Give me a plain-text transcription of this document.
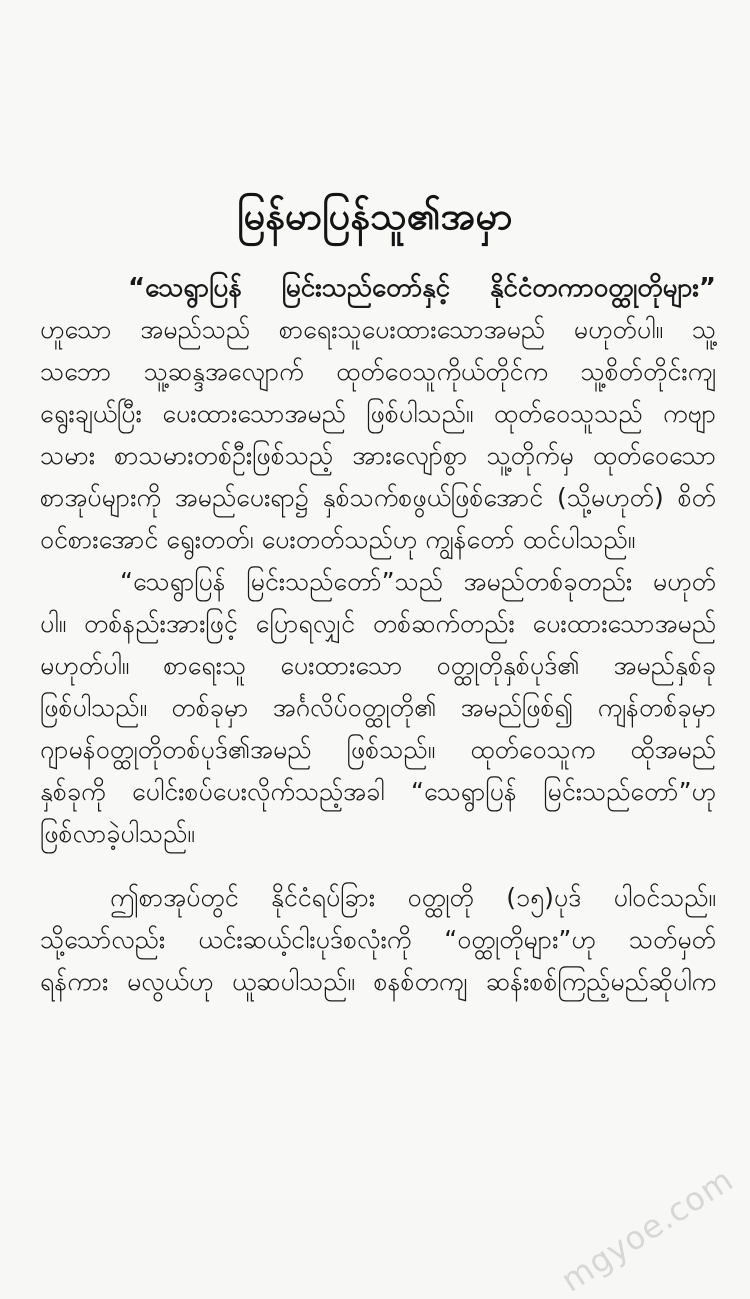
မြန်မာပြန်သူ၏အမှာ
“သေရွာပြန် မြင်းသည်တော်နှင့် နိုင်ငံတကာဝတ္ထုတိုများ”
ဟူသော အမည်သည် စာရေးသူပေးထားသောအမည် မဟုတ်ပါ။ သူ့
သဘော သူ့ဆန္ဒအလျောက် ထုတ်ဝေသူကိုယ်တိုင်က သူ့စိတ်တိုင်းကျ
ရွေးချယ်ပြီး ပေးထားသောအမည် ဖြစ်ပါသည်။ ထုတ်ဝေသူသည် ကဗျာ
သမား စာသမားတစ်ဦးဖြစ်သည့် အားလျော်စွာ သူ့တိုက်မှ ထုတ်ဝေသော
စာအုပ်များကို အမည်ပေးရာ၌ နှစ်သက်စဖွယ်ဖြစ်အောင် (သို့မဟုတ်) စိတ်
ဝင်စားအောင် ရွေးတတ်၊ ပေးတတ်သည်ဟု ကျွန်တော် ထင်ပါသည်။
“သေရွာပြန် မြင်းသည်တော်”သည် အမည်တစ်ခုတည်း မဟုတ်
ပါ။ တစ်နည်းအားဖြင့် ပြောရလျှင် တစ်ဆက်တည်း ပေးထားသောအမည်
မဟုတ်ပါ။ စာရေးသူ ပေးထားသော ဝတ္ထုတိုနှစ်ပုဒ်၏ အမည်နှစ်ခု
ဖြစ်ပါသည်။ တစ်ခုမှာ အင်္ဂလိပ်ဝတ္ထုတို၏ အမည်ဖြစ်၍ ကျန်တစ်ခုမှာ
ဂျာမန်ဝတ္ထုတိုတစ်ပုဒ်၏အမည် ဖြစ်သည်။ ထုတ်ဝေသူက ထိုအမည်
နှစ်ခုကို ပေါင်းစပ်ပေးလိုက်သည့်အခါ “သေရွာပြန် မြင်းသည်တော်”ဟု
ဖြစ်လာခဲ့ပါသည်။
ဤစာအုပ်တွင် နိုင်ငံရပ်ခြား ဝတ္ထုတို (၁၅)ပုဒ် ပါဝင်သည်။
သို့သော်လည်း ယင်းဆယ့်ငါးပုဒ်စလုံးကို “ဝတ္ထုတိုများ”ဟု သတ်မှတ်
ရန်ကား မလွယ်ဟု ယူဆပါသည်။ စနစ်တကျ ဆန်းစစ်ကြည့်မည်ဆိုပါက
mgyoe.com
